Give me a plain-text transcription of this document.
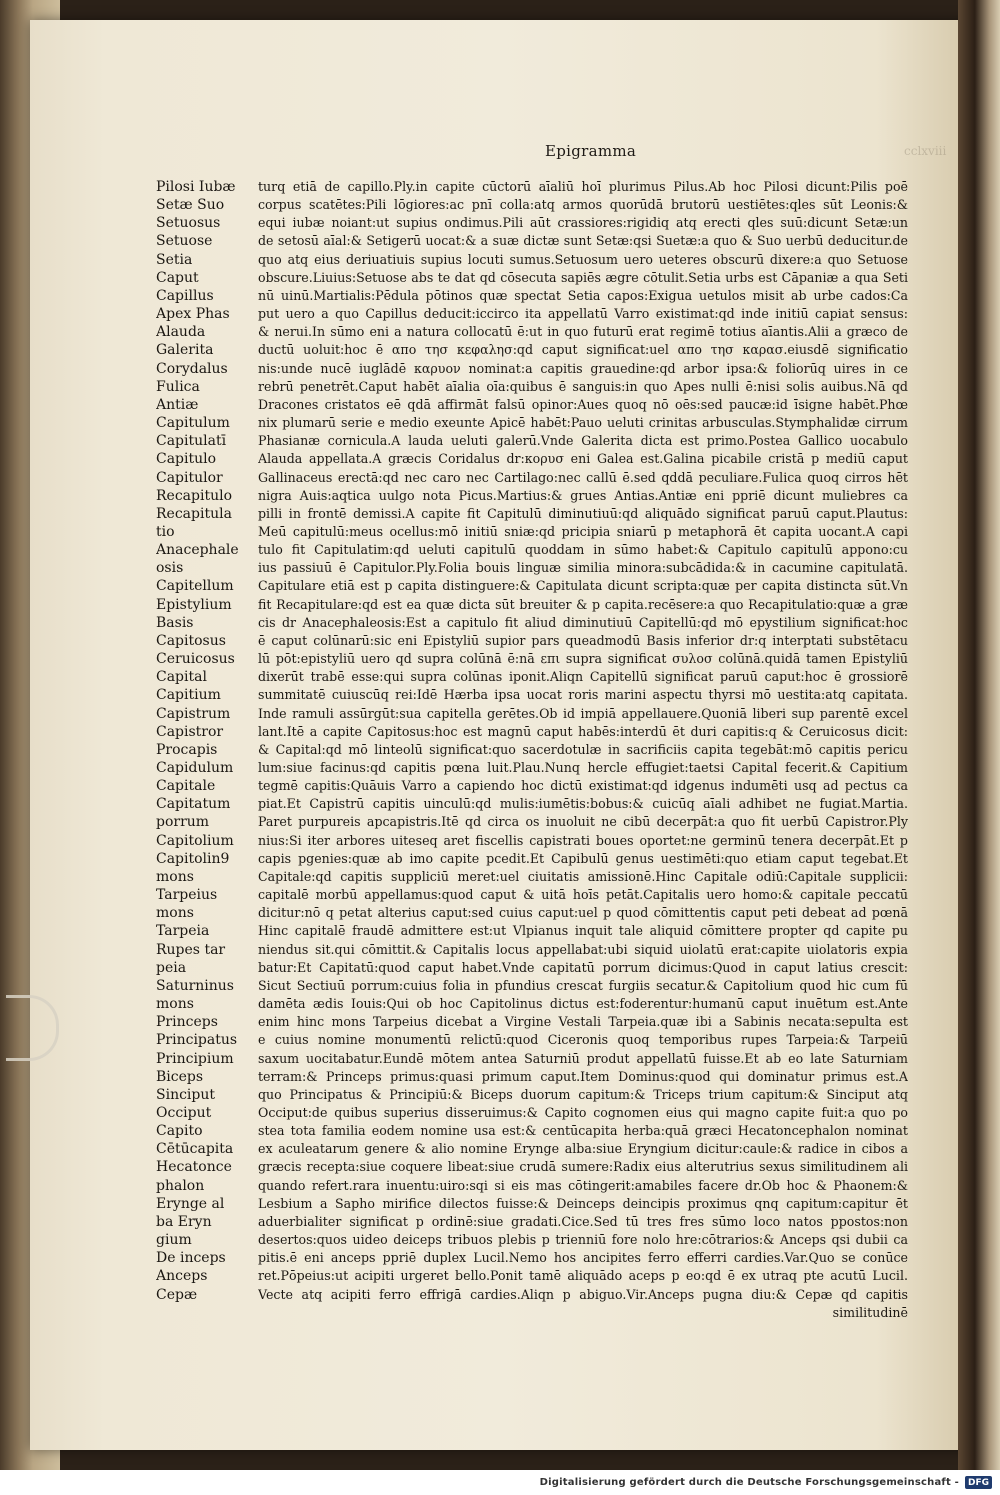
Epigramma	cclxviii
Pilosi Iubæ
Setæ Suo
Setuosus
Setuose
Setia
Caput
Capillus
Apex Phas
Alauda
Galerita
Corydalus
Fulica
Antiæ
Capitulum
Capitulatī
Capitulo
Capitulor
Recapitulo
Recapitula
tio
Anacephale
osis
Capitellum
Epistylium
Basis
Capitosus
Ceruicosus
Capital
Capitium
Capistrum
Capistror
Procapis
Capidulum
Capitale
Capitatum
porrum
Capitolium
Capitolin9
mons
Tarpeius
mons
Tarpeia
Rupes tar
peia
Saturninus
mons
Princeps
Principatus
Principium
Biceps
Sinciput
Occiput
Capito
Cētūcapita
Hecatonce
phalon
Erynge al
ba Eryn
gium
De inceps
Anceps
Cepæ
turq etiā de capillo.Ply.in capite cūctorū aīaliū hoī plurimus Pilus.Ab hoc Pilosi dicunt:Pilis poē
corpus scatētes:Pili lōgiores:ac pnī colla:atq armos quorūdā brutorū uestiētes:qles sūt Leonis:&
equi iubæ noiant:ut supius ondimus.Pili aūt crassiores:rigidiq atq erecti qles suū:dicunt Setæ:un
de setosū aīal:& Setigerū uocat:& a suæ dictæ sunt Setæ:qsi Suetæ:a quo & Suo uerbū deducitur.de
quo atq eius deriuatiuis supius locuti sumus.Setuosum uero ueteres obscurū dixere:a quo Setuose
obscure.Liuius:Setuose abs te dat qd cōsecuta sapiēs ægre cōtulit.Setia urbs est Cāpaniæ a qua Seti
nū uinū.Martialis:Pēdula pōtinos quæ spectat Setia capos:Exigua uetulos misit ab urbe cados:Ca
put uero a quo Capillus deducit:iccirco ita appellatū Varro existimat:qd inde initiū capiat sensus:
& nerui.In sūmo eni a natura collocatū ē:ut in quo futurū erat regimē totius aīantis.Alii a græco de
ductū uoluit:hoc ē απο τησ κεφαλησ:qd caput significat:uel απο τησ καρασ.eiusdē significatio
nis:unde nucē iuglādē καρυον nominat:a capitis grauedine:qd arbor ipsa:& foliorūq uires in ce
rebrū penetrēt.Caput habēt aīalia oīa:quibus ē sanguis:in quo Apes nulli ē:nisi solis auibus.Nā qd
Dracones cristatos eē qdā affirmāt falsū opinor:Aues quoq nō oēs:sed paucæ:id īsigne habēt.Phœ
nix plumarū serie e medio exeunte Apicē habēt:Pauo ueluti crinitas arbusculas.Stymphalidæ cirrum
Phasianæ cornicula.A lauda ueluti galerū.Vnde Galerita dicta est primo.Postea Gallico uocabulo
Alauda appellata.A græcis Coridalus dr:κορυσ eni Galea est.Galina picabile cristā p mediū caput
Gallinaceus erectā:qd nec caro nec Cartilago:nec callū ē.sed qddā peculiare.Fulica quoq cirros hēt
nigra Auis:aqtica uulgo nota Picus.Martius:& grues Antias.Antiæ eni ppriē dicunt muliebres ca
pilli in frontē demissi.A capite fit Capitulū diminutiuū:qd aliquādo significat paruū caput.Plautus:
Meū capitulū:meus ocellus:mō initiū sniæ:qd pricipia sniarū p metaphorā ēt capita uocant.A capi
tulo fit Capitulatim:qd ueluti capitulū quoddam in sūmo habet:& Capitulo capitulū appono:cu
ius passiuū ē Capitulor.Ply.Folia bouis linguæ similia minora:subcādida:& in cacumine capitulatā.
Capitulare etiā est p capita distinguere:& Capitulata dicunt scripta:quæ per capita distincta sūt.Vn
fit Recapitulare:qd est ea quæ dicta sūt breuiter & p capita.recēsere:a quo Recapitulatio:quæ a græ
cis dr Anacephaleosis:Est a capitulo fit aliud diminutiuū Capitellū:qd mō epystilium significat:hoc
ē caput colūnarū:sic eni Epistyliū supior pars queadmodū Basis inferior dr:q interptati substētacu
lū pōt:epistyliū uero qd supra colūnā ē:nā επι supra significat συλοσ colūnā.quidā tamen Epistyliū
dixerūt trabē esse:qui supra colūnas iponit.Aliqn Capitellū significat paruū caput:hoc ē grossiorē
summitatē cuiuscūq rei:Idē Hærba ipsa uocat roris marini aspectu thyrsi mō uestita:atq capitata.
Inde ramuli assūrgūt:sua capitella gerētes.Ob id impiā appellauere.Quoniā liberi sup parentē excel
lant.Itē a capite Capitosus:hoc est magnū caput habēs:interdū ēt duri capitis:q & Ceruicosus dicit:
& Capital:qd mō linteolū significat:quo sacerdotulæ in sacrificiis capita tegebāt:mō capitis pericu
lum:siue facinus:qd capitis pœna luit.Plau.Nunq hercle effugiet:taetsi Capital fecerit.& Capitium
tegmē capitis:Quāuis Varro a capiendo hoc dictū existimat:qd idgenus indumēti usq ad pectus ca
piat.Et Capistrū capitis uinculū:qd mulis:iumētis:bobus:& cuicūq aīali adhibet ne fugiat.Martia.
Paret purpureis apcapistris.Itē qd circa os inuoluit ne cibū decerpāt:a quo fit uerbū Capistror.Ply
nius:Si iter arbores uiteseq aret fiscellis capistrati boues oportet:ne germinū tenera decerpāt.Et p
capis pgenies:quæ ab imo capite pcedit.Et Capibulū genus uestimēti:quo etiam caput tegebat.Et
Capitale:qd capitis suppliciū meret:uel ciuitatis amissionē.Hinc Capitale odiū:Capitale supplicii:
capitalē morbū appellamus:quod caput & uitā hoīs petāt.Capitalis uero homo:& capitale peccatū
dicitur:nō q petat alterius caput:sed cuius caput:uel p quod cōmittentis caput peti debeat ad pœnā
Hinc capitalē fraudē admittere est:ut Vlpianus inquit tale aliquid cōmittere propter qd capite pu
niendus sit.qui cōmittit.& Capitalis locus appellabat:ubi siquid uiolatū erat:capite uiolatoris expia
batur:Et Capitatū:quod caput habet.Vnde capitatū porrum dicimus:Quod in caput latius crescit:
Sicut Sectiuū porrum:cuius folia in pfundius crescat furgiis secatur.& Capitolium quod hic cum fū
damēta ædis Iouis:Qui ob hoc Capitolinus dictus est:foderentur:humanū caput inuētum est.Ante
enim hinc mons Tarpeius dicebat a Virgine Vestali Tarpeia.quæ ibi a Sabinis necata:sepulta est
e cuius nomine monumentū relictū:quod Ciceronis quoq temporibus rupes Tarpeia:& Tarpeiū
saxum uocitabatur.Eundē mōtem antea Saturniū produt appellatū fuisse.Et ab eo late Saturniam
terram:& Princeps primus:quasi primum caput.Item Dominus:quod qui dominatur primus est.A
quo Principatus & Principiū:& Biceps duorum capitum:& Triceps trium capitum:& Sinciput atq
Occiput:de quibus superius disseruimus:& Capito cognomen eius qui magno capite fuit:a quo po
stea tota familia eodem nomine usa est:& centūcapita herba:quā græci Hecatoncephalon nominat
ex aculeatarum genere & alio nomine Erynge alba:siue Eryngium dicitur:caule:& radice in cibos a
græcis recepta:siue coquere libeat:siue crudā sumere:Radix eius alterutrius sexus similitudinem ali
quando refert.rara inuentu:uiro:sqi si eis mas cōtingerit:amabiles facere dr.Ob hoc & Phaonem:&
Lesbium a Sapho mirifice dilectos fuisse:& Deinceps deincipis proximus qnq capitum:capitur ēt
aduerbialiter significat p ordinē:siue gradati.Cice.Sed tū tres fres sūmo loco natos ppostos:non
desertos:quos uideo deiceps tribuos plebis p trienniū fore nolo hre:cōtrarios:& Anceps qsi dubii ca
pitis.ē eni anceps ppriē duplex Lucil.Nemo hos ancipites ferro efferri cardies.Var.Quo se conūce
ret.Pōpeius:ut acipiti urgeret bello.Ponit tamē aliquādo aceps p eo:qd ē ex utraq pte acutū Lucil.
Vecte atq acipiti ferro effrigā cardies.Aliqn p abiguo.Vir.Anceps pugna diu:& Cepæ qd capitis
similitudinē
Digitalisierung gefördert durch die Deutsche Forschungsgemeinschaft -	DFG
